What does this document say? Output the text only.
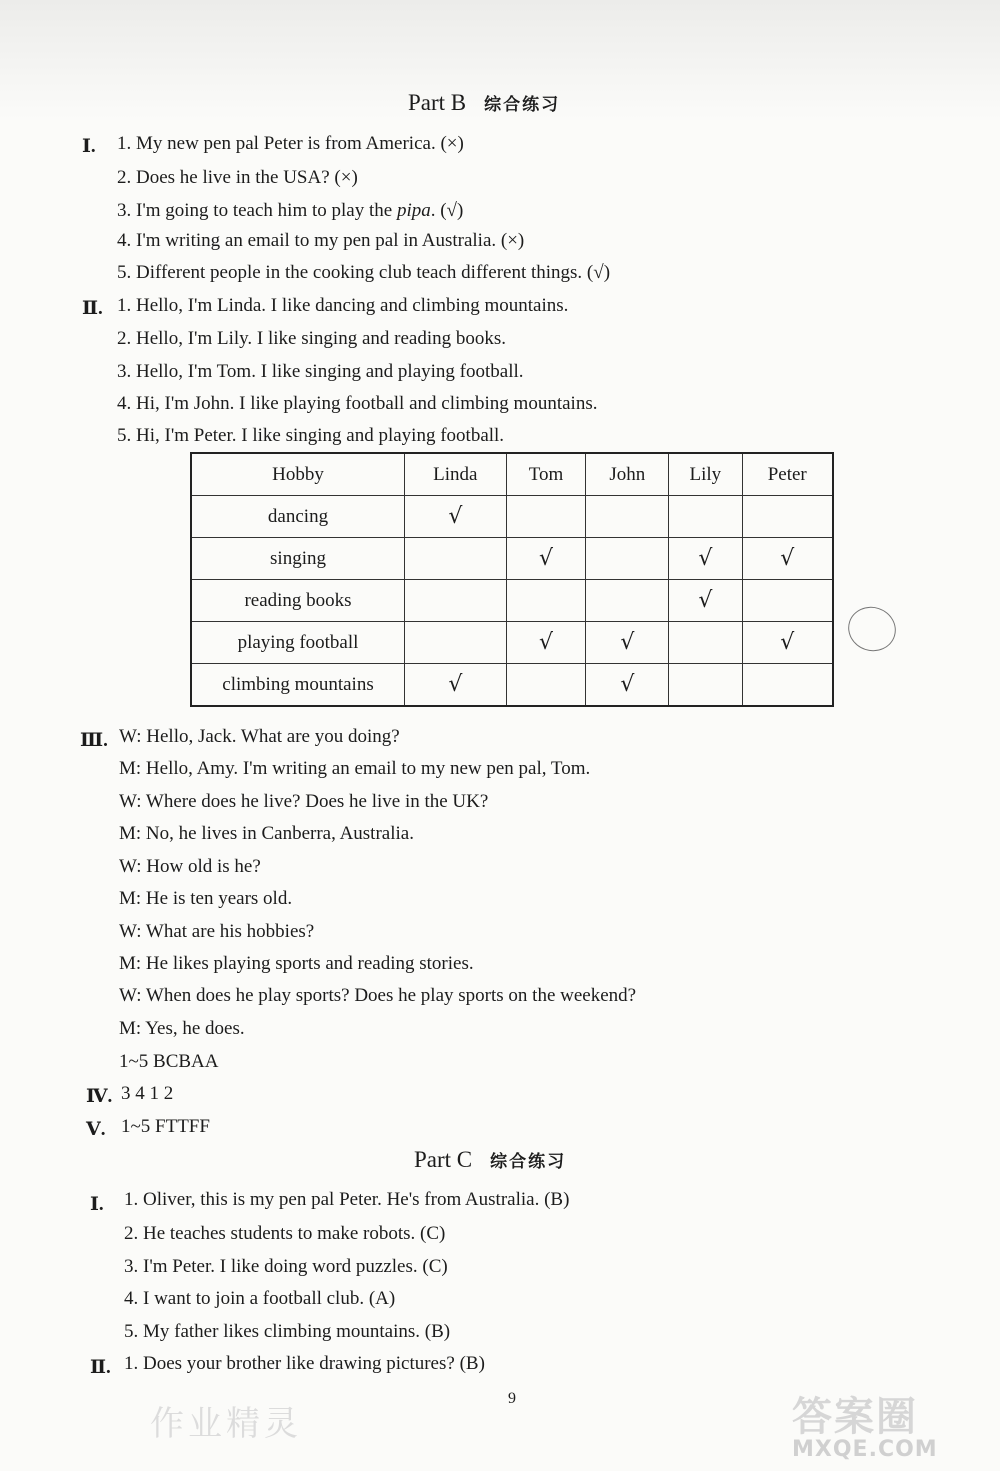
Part B 综合练习
Ⅰ. 1. My new pen pal Peter is from America. (×)
2. Does he live in the USA? (×)
3. I'm going to teach him to play the pipa. (√)
4. I'm writing an email to my pen pal in Australia. (×)
5. Different people in the cooking club teach different things. (√)
Ⅱ. 1. Hello, I'm Linda. I like dancing and climbing mountains.
2. Hello, I'm Lily. I like singing and reading books.
3. Hello, I'm Tom. I like singing and playing football.
4. Hi, I'm John. I like playing football and climbing mountains.
5. Hi, I'm Peter. I like singing and playing football.
Hobby	Linda	Tom	John	Lily	Peter
dancing	√				
singing		√		√	√
reading books				√	
playing football		√	√		√
climbing mountains	√		√		
Ⅲ. W: Hello, Jack. What are you doing?
M: Hello, Amy. I'm writing an email to my new pen pal, Tom.
W: Where does he live? Does he live in the UK?
M: No, he lives in Canberra, Australia.
W: How old is he?
M: He is ten years old.
W: What are his hobbies?
M: He likes playing sports and reading stories.
W: When does he play sports? Does he play sports on the weekend?
M: Yes, he does.
1~5 BCBAA
Ⅳ. 3 4 1 2
Ⅴ. 1~5 FTTFF
Part C 综合练习
Ⅰ. 1. Oliver, this is my pen pal Peter. He's from Australia. (B)
2. He teaches students to make robots. (C)
3. I'm Peter. I like doing word puzzles. (C)
4. I want to join a football club. (A)
5. My father likes climbing mountains. (B)
Ⅱ. 1. Does your brother like drawing pictures? (B)
9
作业精灵	答案圈
MXQE.COM
